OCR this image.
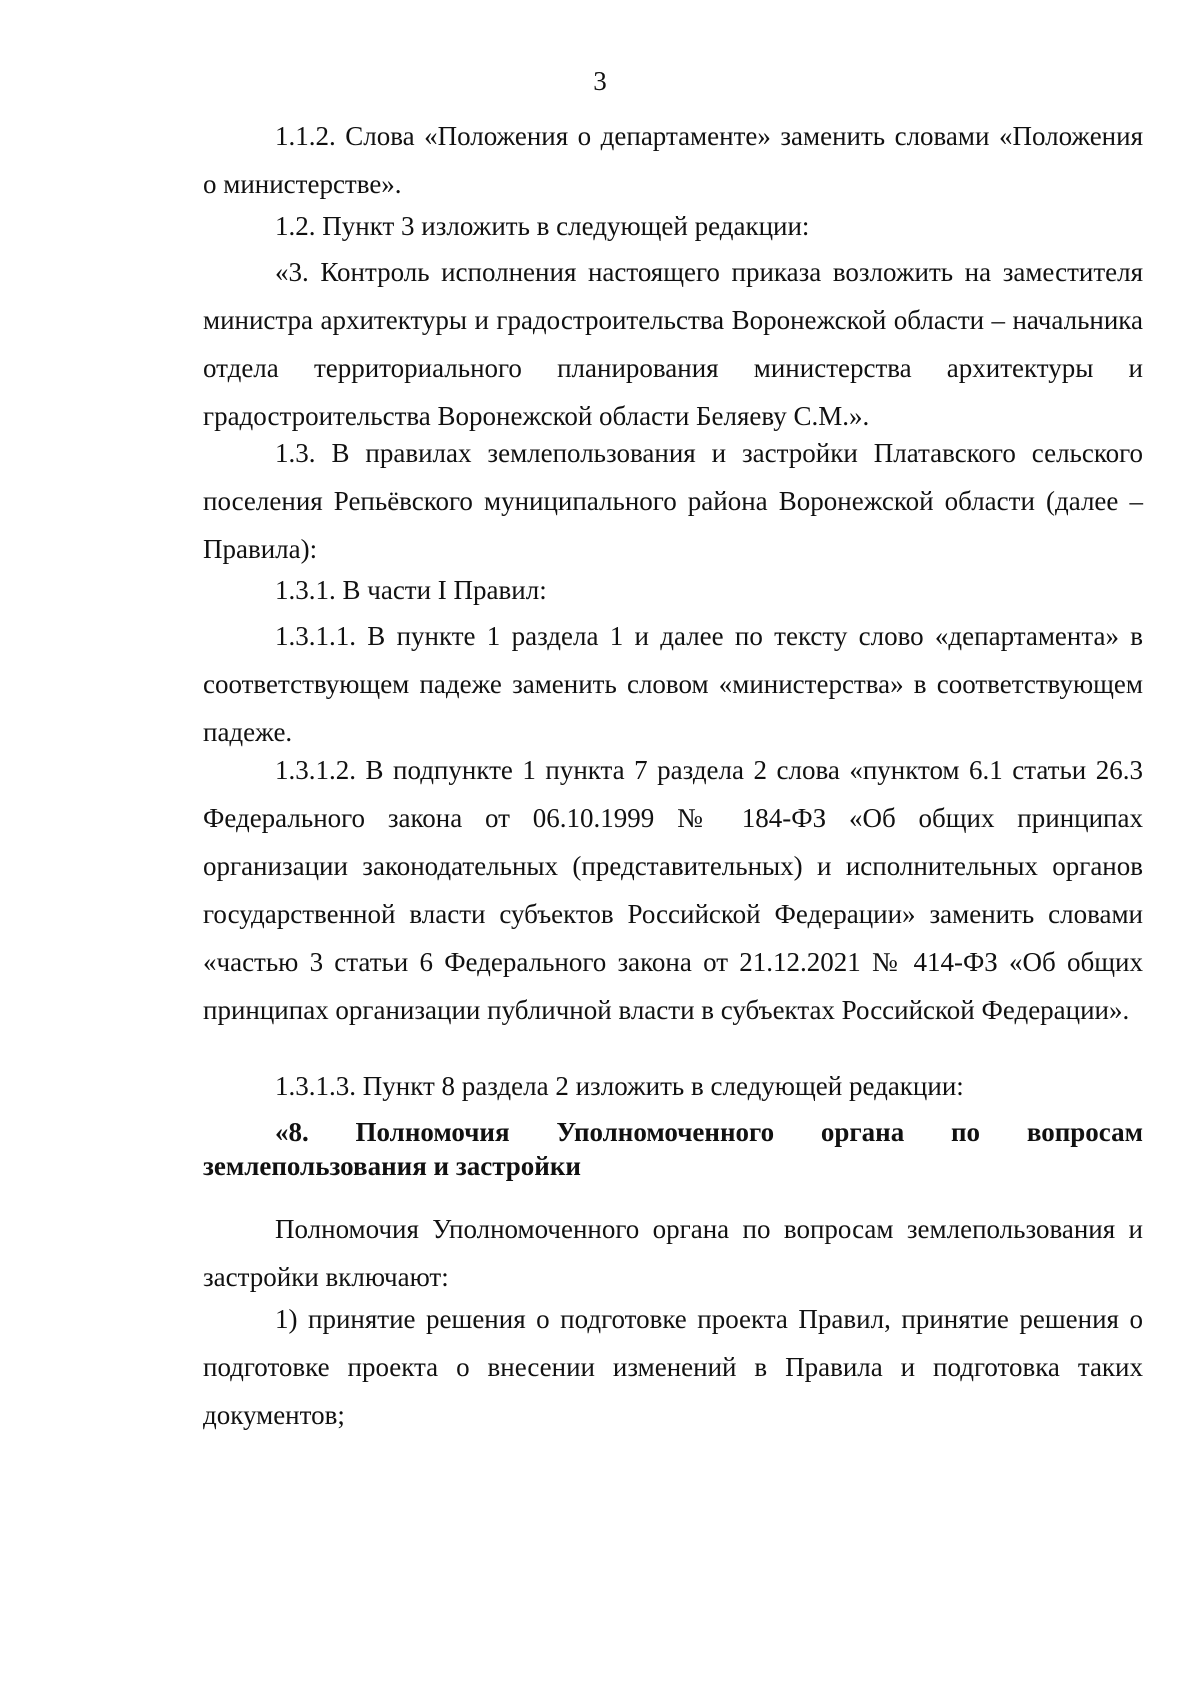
3

1.1.2. Слова «Положения о департаменте» заменить словами «Положения о министерстве».

1.2. Пункт 3 изложить в следующей редакции:

«3. Контроль исполнения настоящего приказа возложить на заместителя министра архитектуры и градостроительства Воронежской области – начальника отдела территориального планирования министерства архитектуры и градостроительства Воронежской области Беляеву С.М.».

1.3. В правилах землепользования и застройки Платавского сельского поселения Репьёвского муниципального района Воронежской области (далее – Правила):

1.3.1. В части I Правил:

1.3.1.1. В пункте 1 раздела 1 и далее по тексту слово «департамента» в соответствующем падеже заменить словом «министерства» в соответствующем падеже.

1.3.1.2. В подпункте 1 пункта 7 раздела 2 слова «пунктом 6.1 статьи 26.3 Федерального закона от 06.10.1999 № 184-ФЗ «Об общих принципах организации законодательных (представительных) и исполнительных органов государственной власти субъектов Российской Федерации» заменить словами «частью 3 статьи 6 Федерального закона от 21.12.2021 № 414-ФЗ «Об общих принципах организации публичной власти в субъектах Российской Федерации».

1.3.1.3. Пункт 8 раздела 2 изложить в следующей редакции:

«8. Полномочия Уполномоченного органа по вопросам землепользования и застройки

Полномочия Уполномоченного органа по вопросам землепользования и застройки включают:

1) принятие решения о подготовке проекта Правил, принятие решения о подготовке проекта о внесении изменений в Правила и подготовка таких документов;
